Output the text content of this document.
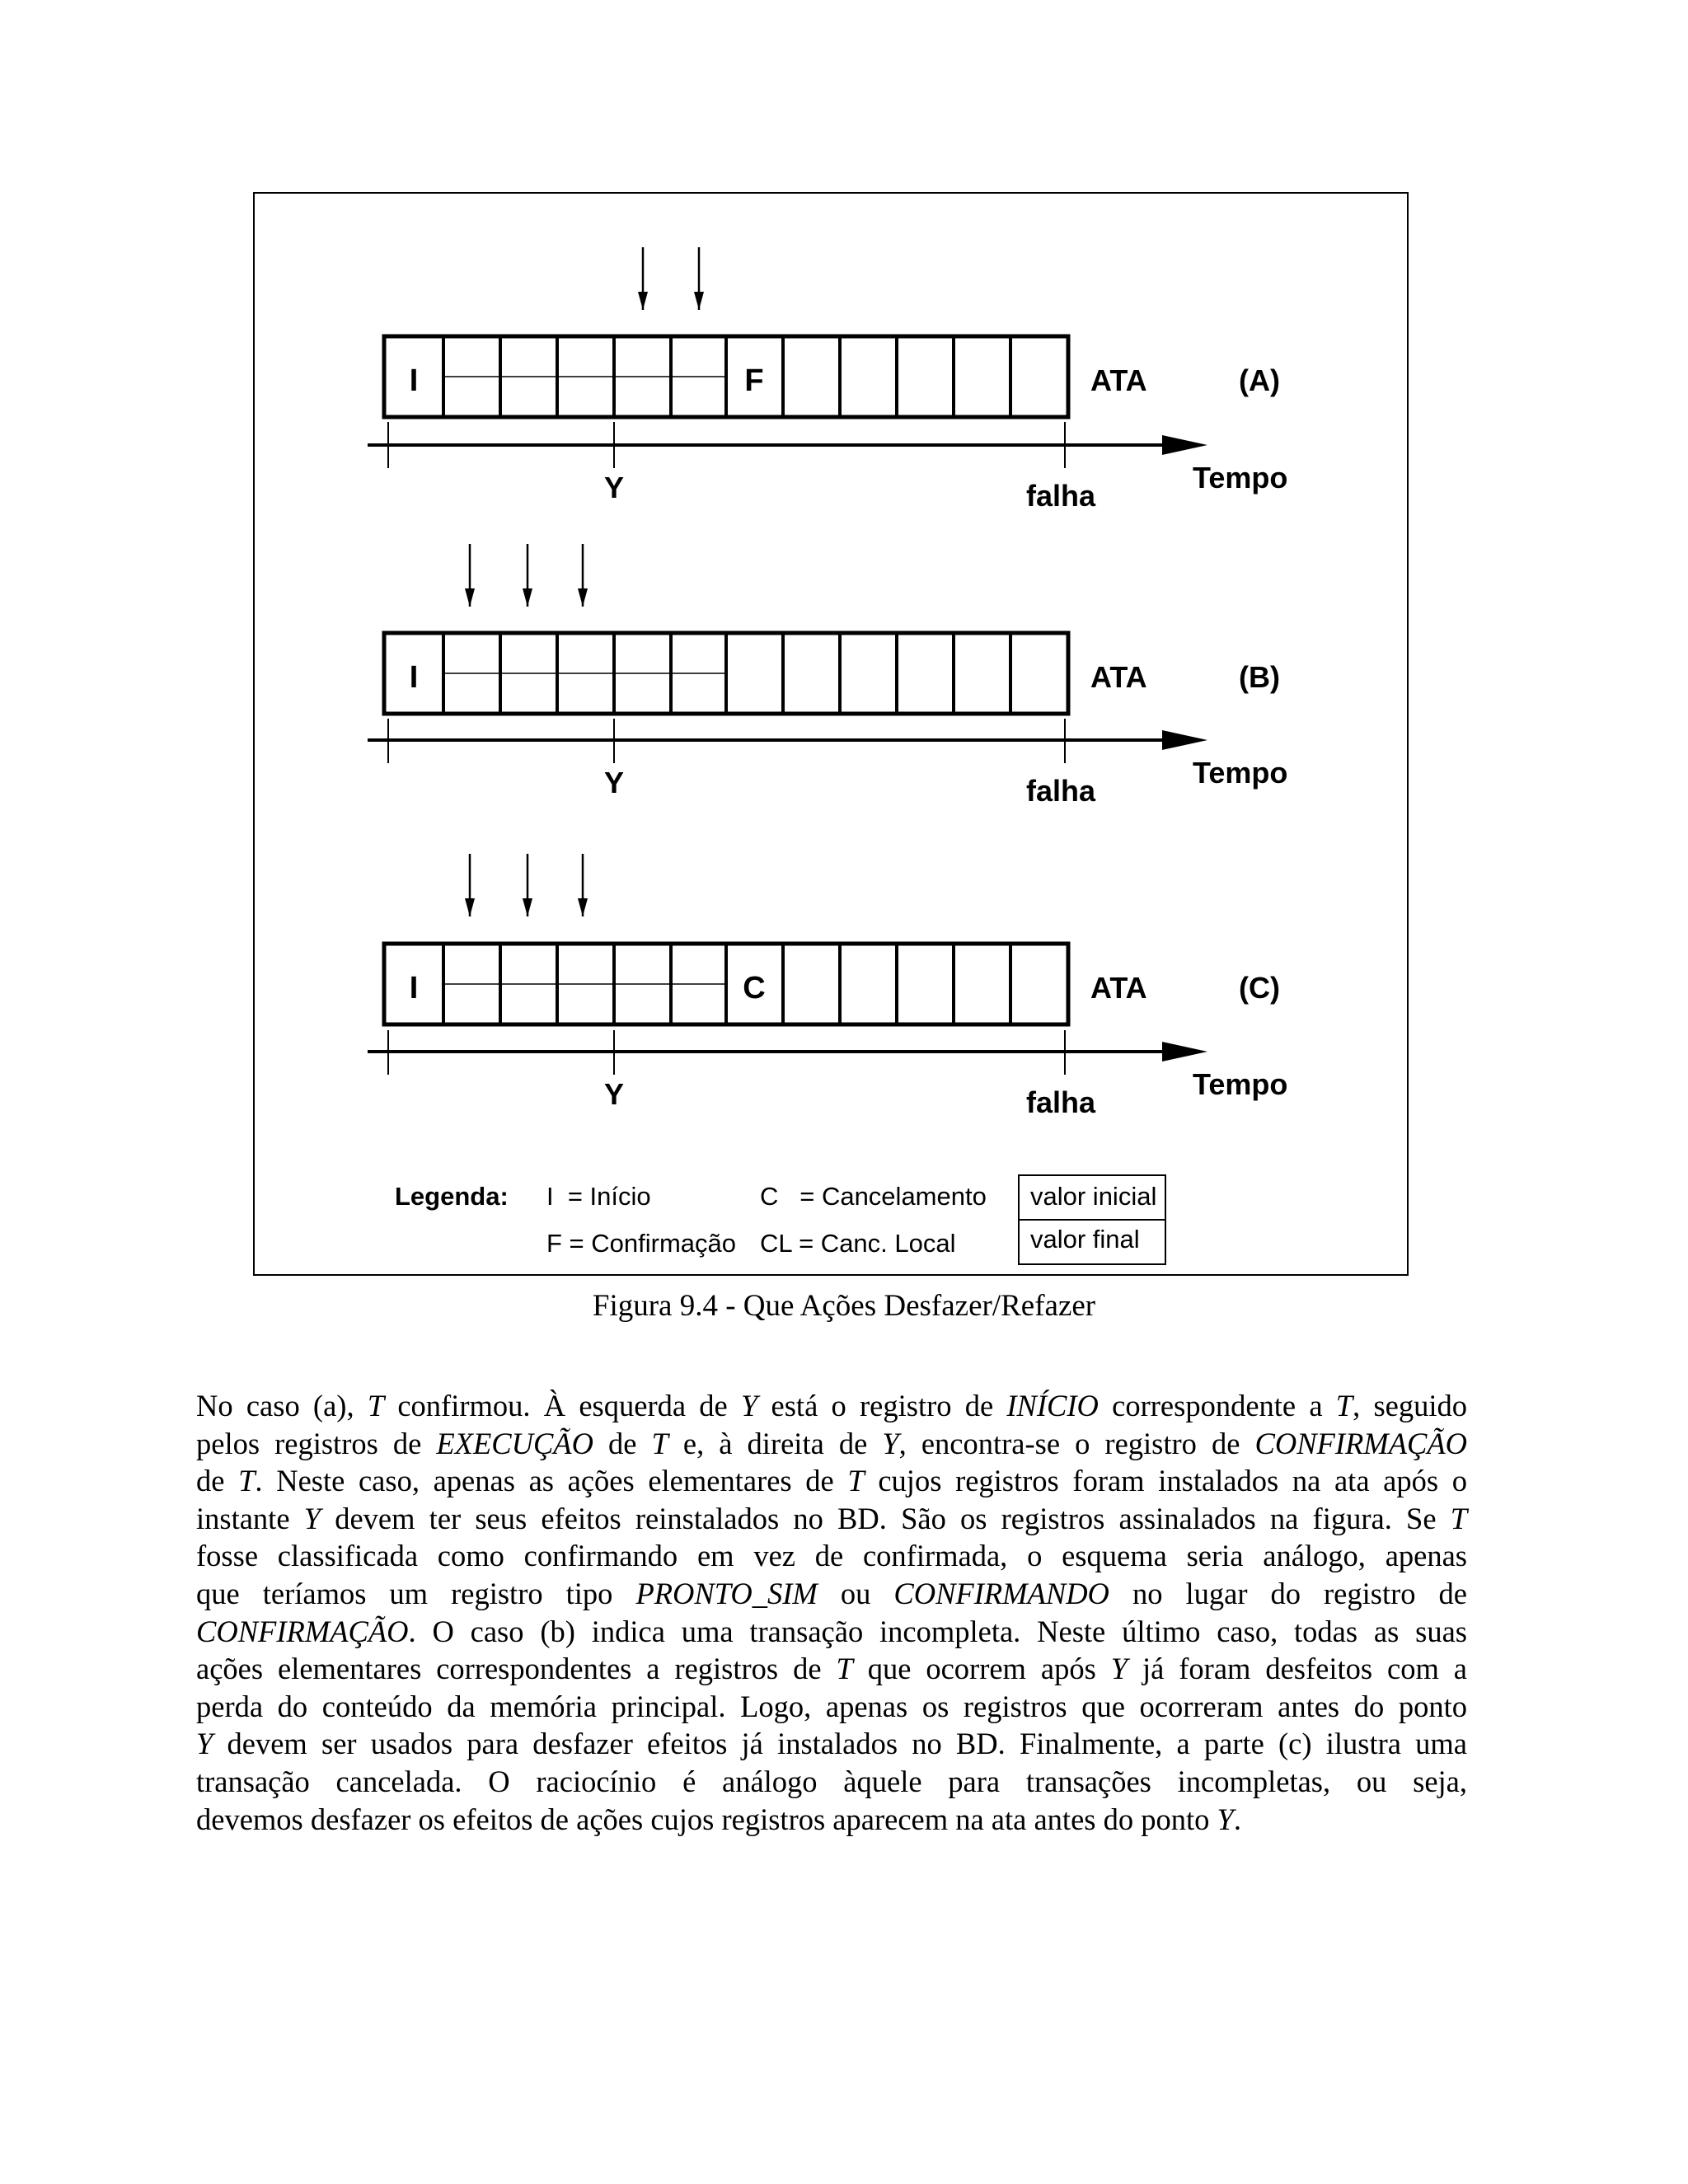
I	F	ATA	(A)
Y	falha
Tempo
I	ATA	(B)
Y	falha
Tempo
I	C	ATA	(C)
Y	falha
Tempo
Legenda: I  = Início
F = Confirmação
C   = Cancelamento
CL = Canc. Local
valor inicial
valor final
Figura 9.4 - Que Ações Desfazer/Refazer
No caso (a), T confirmou. À esquerda de Y está o registro de INÍCIO correspondente a T, seguido
pelos registros de EXECUÇÃO de T e, à direita de Y, encontra-se o registro de CONFIRMAÇÃO
de T. Neste caso, apenas as ações elementares de T cujos registros foram instalados na ata após o
instante Y devem ter seus efeitos reinstalados no BD. São os registros assinalados na figura. Se T
fosse classificada como confirmando em vez de confirmada, o esquema seria análogo, apenas
que teríamos um registro tipo PRONTO_SIM ou CONFIRMANDO no lugar do registro de
CONFIRMAÇÃO. O caso (b) indica uma transação incompleta. Neste último caso, todas as suas
ações elementares correspondentes a registros de T que ocorrem após Y já foram desfeitos com a
perda do conteúdo da memória principal. Logo, apenas os registros que ocorreram antes do ponto
Y devem ser usados para desfazer efeitos já instalados no BD. Finalmente, a parte (c) ilustra uma
transação cancelada. O raciocínio é análogo àquele para transações incompletas, ou seja,
devemos desfazer os efeitos de ações cujos registros aparecem na ata antes do ponto Y.
